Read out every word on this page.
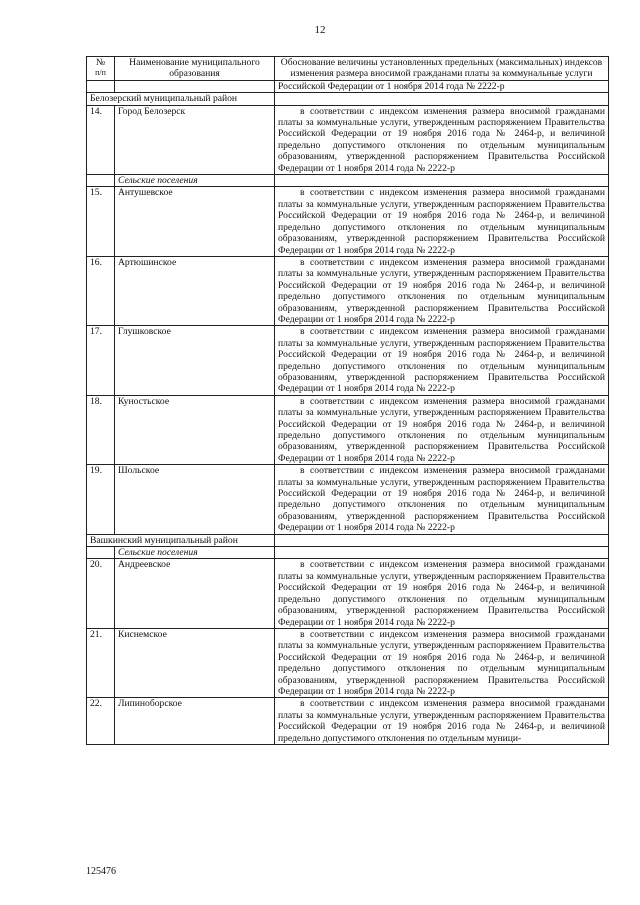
12
№
п/п	Наименование муниципального образования	Обоснование величины установленных предельных (максимальных) индексов изменения размера вносимой гражданами платы за коммунальные услуги
		Российской Федерации от 1 ноября 2014 года № 2222-р
Белозерский муниципальный район		
14.	Город Белозерск	в соответствии с индексом изменения размера вносимой гражданами платы за коммунальные услуги, утвержденным распоряжением Правительства Российской Федерации от 19 ноября 2016 года № 2464-р, и величиной предельно допустимого отклонения по отдельным муниципальным образованиям, утвержденной распоряжением Правительства Российской Федерации от 1 ноября 2014 года № 2222-р
	Сельские поселения	
15.	Антушевское	в соответствии с индексом изменения размера вносимой гражданами платы за коммунальные услуги, утвержденным распоряжением Правительства Российской Федерации от 19 ноября 2016 года № 2464-р, и величиной предельно допустимого отклонения по отдельным муниципальным образованиям, утвержденной распоряжением Правительства Российской Федерации от 1 ноября 2014 года № 2222-р
16.	Артюшинское	в соответствии с индексом изменения размера вносимой гражданами платы за коммунальные услуги, утвержденным распоряжением Правительства Российской Федерации от 19 ноября 2016 года № 2464-р, и величиной предельно допустимого отклонения по отдельным муниципальным образованиям, утвержденной распоряжением Правительства Российской Федерации от 1 ноября 2014 года № 2222-р
17.	Глушковское	в соответствии с индексом изменения размера вносимой гражданами платы за коммунальные услуги, утвержденным распоряжением Правительства Российской Федерации от 19 ноября 2016 года № 2464-р, и величиной предельно допустимого отклонения по отдельным муниципальным образованиям, утвержденной распоряжением Правительства Российской Федерации от 1 ноября 2014 года № 2222-р
18.	Куностьское	в соответствии с индексом изменения размера вносимой гражданами платы за коммунальные услуги, утвержденным распоряжением Правительства Российской Федерации от 19 ноября 2016 года № 2464-р, и величиной предельно допустимого отклонения по отдельным муниципальным образованиям, утвержденной распоряжением Правительства Российской Федерации от 1 ноября 2014 года № 2222-р
19.	Шольское	в соответствии с индексом изменения размера вносимой гражданами платы за коммунальные услуги, утвержденным распоряжением Правительства Российской Федерации от 19 ноября 2016 года № 2464-р, и величиной предельно допустимого отклонения по отдельным муниципальным образованиям, утвержденной распоряжением Правительства Российской Федерации от 1 ноября 2014 года № 2222-р
Вашкинский муниципальный район		
	Сельские поселения	
20.	Андреевское	в соответствии с индексом изменения размера вносимой гражданами платы за коммунальные услуги, утвержденным распоряжением Правительства Российской Федерации от 19 ноября 2016 года № 2464-р, и величиной предельно допустимого отклонения по отдельным муниципальным образованиям, утвержденной распоряжением Правительства Российской Федерации от 1 ноября 2014 года № 2222-р
21.	Киснемское	в соответствии с индексом изменения размера вносимой гражданами платы за коммунальные услуги, утвержденным распоряжением Правительства Российской Федерации от 19 ноября 2016 года № 2464-р, и величиной предельно допустимого отклонения по отдельным муниципальным образованиям, утвержденной распоряжением Правительства Российской Федерации от 1 ноября 2014 года № 2222-р
22.	Липиноборское	в соответствии с индексом изменения размера вносимой гражданами платы за коммунальные услуги, утвержденным распоряжением Правительства Российской Федерации от 19 ноября 2016 года № 2464-р, и величиной предельно допустимого отклонения по отдельным муници-
125476
